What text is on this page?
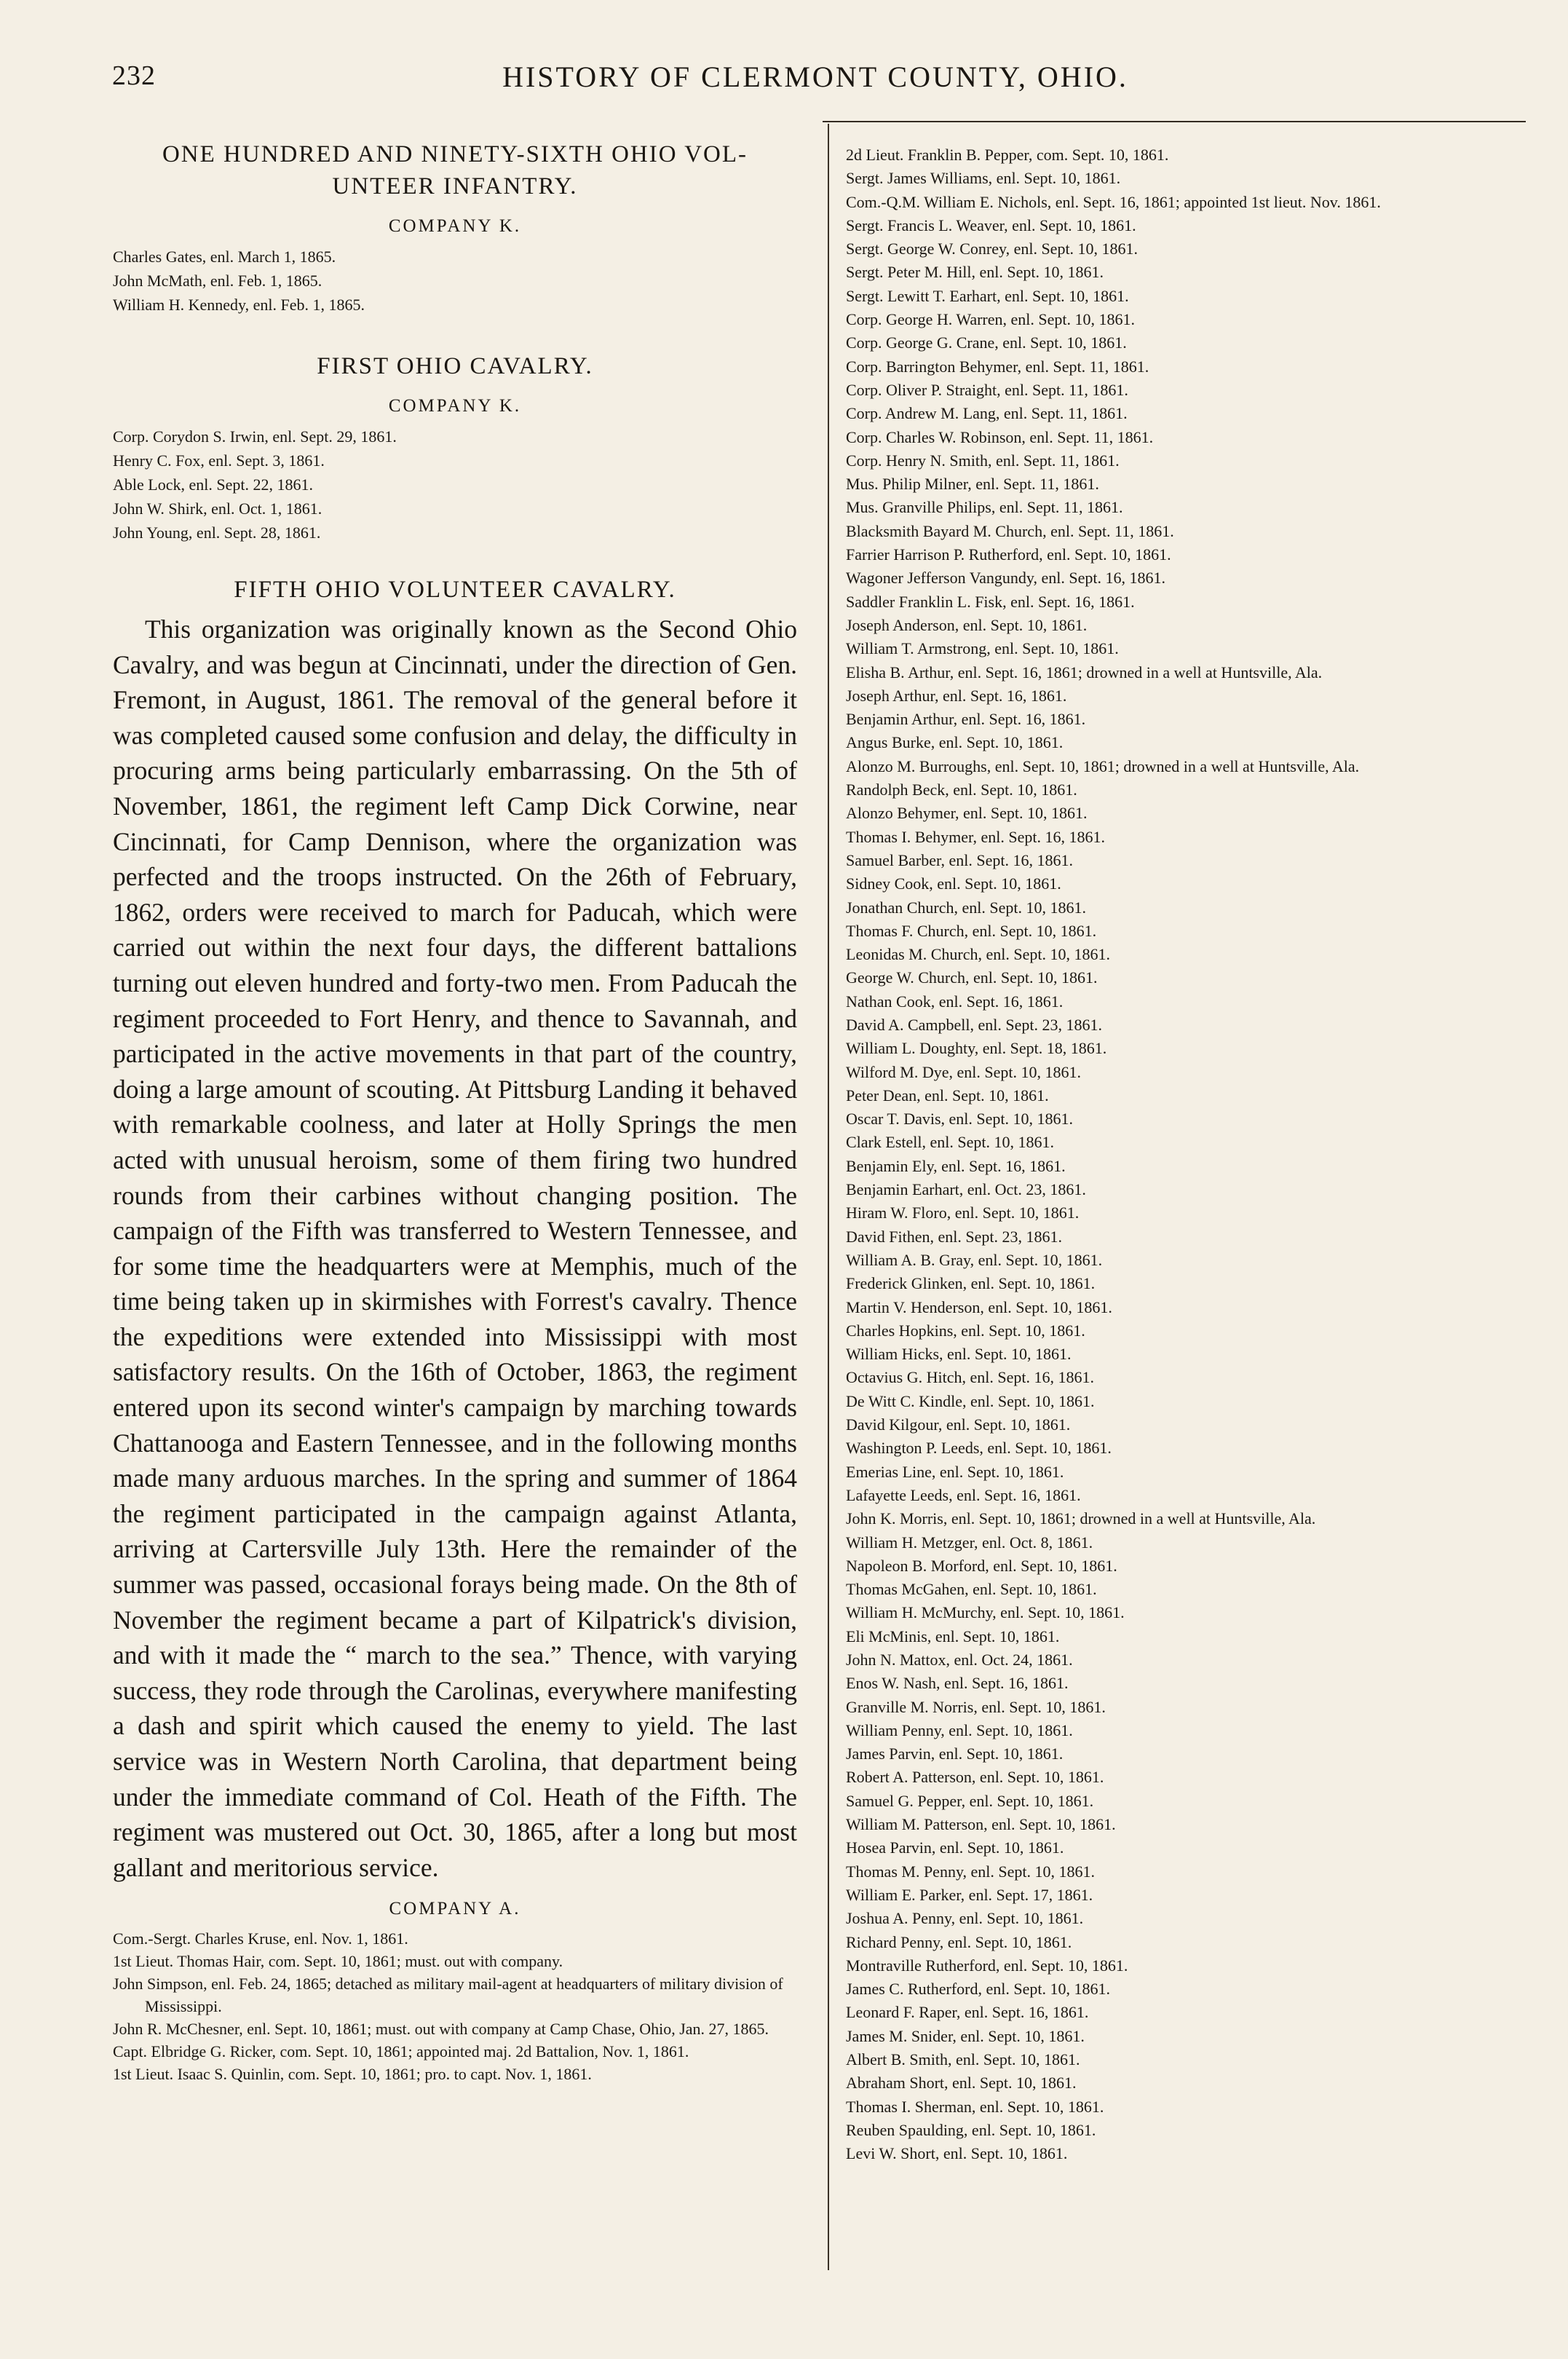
232	HISTORY OF CLERMONT COUNTY, OHIO.
ONE HUNDRED AND NINETY-SIXTH OHIO VOL-
UNTEER INFANTRY.
COMPANY K.
Charles Gates, enl. March 1, 1865.
John McMath, enl. Feb. 1, 1865.
William H. Kennedy, enl. Feb. 1, 1865.
FIRST OHIO CAVALRY.
COMPANY K.
Corp. Corydon S. Irwin, enl. Sept. 29, 1861.
Henry C. Fox, enl. Sept. 3, 1861.
Able Lock, enl. Sept. 22, 1861.
John W. Shirk, enl. Oct. 1, 1861.
John Young, enl. Sept. 28, 1861.
FIFTH OHIO VOLUNTEER CAVALRY.

This organization was originally known as the Second Ohio Cavalry, and was begun at Cincinnati, under the direction of Gen. Fremont, in August, 1861. The removal of the general before it was completed caused some confusion and delay, the difficulty in procuring arms being particularly embarrassing. On the 5th of November, 1861, the regiment left Camp Dick Corwine, near Cincinnati, for Camp Dennison, where the organization was perfected and the troops instructed. On the 26th of February, 1862, orders were received to march for Paducah, which were carried out within the next four days, the different battalions turning out eleven hundred and forty-two men. From Paducah the regiment proceeded to Fort Henry, and thence to Savannah, and participated in the active movements in that part of the country, doing a large amount of scouting. At Pittsburg Landing it behaved with remarkable coolness, and later at Holly Springs the men acted with unusual heroism, some of them firing two hundred rounds from their carbines without changing position. The campaign of the Fifth was transferred to Western Tennessee, and for some time the headquarters were at Memphis, much of the time being taken up in skirmishes with Forrest's cavalry. Thence the expeditions were extended into Mississippi with most satisfactory results. On the 16th of October, 1863, the regiment entered upon its second winter's campaign by marching towards Chattanooga and Eastern Tennessee, and in the following months made many arduous marches. In the spring and summer of 1864 the regiment participated in the campaign against Atlanta, arriving at Cartersville July 13th. Here the remainder of the summer was passed, occasional forays being made. On the 8th of November the regiment became a part of Kilpatrick's division, and with it made the “ march to the sea.” Thence, with varying success, they rode through the Carolinas, everywhere manifesting a dash and spirit which caused the enemy to yield. The last service was in Western North Carolina, that department being under the immediate command of Col. Heath of the Fifth. The regiment was mustered out Oct. 30, 1865, after a long but most gallant and meritorious service.

COMPANY A.
Com.-Sergt. Charles Kruse, enl. Nov. 1, 1861.
1st Lieut. Thomas Hair, com. Sept. 10, 1861; must. out with company.
John Simpson, enl. Feb. 24, 1865; detached as military mail-agent at headquarters of military division of Mississippi.
John R. McChesner, enl. Sept. 10, 1861; must. out with company at Camp Chase, Ohio, Jan. 27, 1865.
Capt. Elbridge G. Ricker, com. Sept. 10, 1861; appointed maj. 2d Battalion, Nov. 1, 1861.
1st Lieut. Isaac S. Quinlin, com. Sept. 10, 1861; pro. to capt. Nov. 1, 1861.
2d Lieut. Franklin B. Pepper, com. Sept. 10, 1861.
Sergt. James Williams, enl. Sept. 10, 1861.
Com.-Q.M. William E. Nichols, enl. Sept. 16, 1861; appointed 1st lieut. Nov. 1861.
Sergt. Francis L. Weaver, enl. Sept. 10, 1861.
Sergt. George W. Conrey, enl. Sept. 10, 1861.
Sergt. Peter M. Hill, enl. Sept. 10, 1861.
Sergt. Lewitt T. Earhart, enl. Sept. 10, 1861.
Corp. George H. Warren, enl. Sept. 10, 1861.
Corp. George G. Crane, enl. Sept. 10, 1861.
Corp. Barrington Behymer, enl. Sept. 11, 1861.
Corp. Oliver P. Straight, enl. Sept. 11, 1861.
Corp. Andrew M. Lang, enl. Sept. 11, 1861.
Corp. Charles W. Robinson, enl. Sept. 11, 1861.
Corp. Henry N. Smith, enl. Sept. 11, 1861.
Mus. Philip Milner, enl. Sept. 11, 1861.
Mus. Granville Philips, enl. Sept. 11, 1861.
Blacksmith Bayard M. Church, enl. Sept. 11, 1861.
Farrier Harrison P. Rutherford, enl. Sept. 10, 1861.
Wagoner Jefferson Vangundy, enl. Sept. 16, 1861.
Saddler Franklin L. Fisk, enl. Sept. 16, 1861.
Joseph Anderson, enl. Sept. 10, 1861.
William T. Armstrong, enl. Sept. 10, 1861.
Elisha B. Arthur, enl. Sept. 16, 1861; drowned in a well at Huntsville, Ala.
Joseph Arthur, enl. Sept. 16, 1861.
Benjamin Arthur, enl. Sept. 16, 1861.
Angus Burke, enl. Sept. 10, 1861.
Alonzo M. Burroughs, enl. Sept. 10, 1861; drowned in a well at Huntsville, Ala.
Randolph Beck, enl. Sept. 10, 1861.
Alonzo Behymer, enl. Sept. 10, 1861.
Thomas I. Behymer, enl. Sept. 16, 1861.
Samuel Barber, enl. Sept. 16, 1861.
Sidney Cook, enl. Sept. 10, 1861.
Jonathan Church, enl. Sept. 10, 1861.
Thomas F. Church, enl. Sept. 10, 1861.
Leonidas M. Church, enl. Sept. 10, 1861.
George W. Church, enl. Sept. 10, 1861.
Nathan Cook, enl. Sept. 16, 1861.
David A. Campbell, enl. Sept. 23, 1861.
William L. Doughty, enl. Sept. 18, 1861.
Wilford M. Dye, enl. Sept. 10, 1861.
Peter Dean, enl. Sept. 10, 1861.
Oscar T. Davis, enl. Sept. 10, 1861.
Clark Estell, enl. Sept. 10, 1861.
Benjamin Ely, enl. Sept. 16, 1861.
Benjamin Earhart, enl. Oct. 23, 1861.
Hiram W. Floro, enl. Sept. 10, 1861.
David Fithen, enl. Sept. 23, 1861.
William A. B. Gray, enl. Sept. 10, 1861.
Frederick Glinken, enl. Sept. 10, 1861.
Martin V. Henderson, enl. Sept. 10, 1861.
Charles Hopkins, enl. Sept. 10, 1861.
William Hicks, enl. Sept. 10, 1861.
Octavius G. Hitch, enl. Sept. 16, 1861.
De Witt C. Kindle, enl. Sept. 10, 1861.
David Kilgour, enl. Sept. 10, 1861.
Washington P. Leeds, enl. Sept. 10, 1861.
Emerias Line, enl. Sept. 10, 1861.
Lafayette Leeds, enl. Sept. 16, 1861.
John K. Morris, enl. Sept. 10, 1861; drowned in a well at Huntsville, Ala.
William H. Metzger, enl. Oct. 8, 1861.
Napoleon B. Morford, enl. Sept. 10, 1861.
Thomas McGahen, enl. Sept. 10, 1861.
William H. McMurchy, enl. Sept. 10, 1861.
Eli McMinis, enl. Sept. 10, 1861.
John N. Mattox, enl. Oct. 24, 1861.
Enos W. Nash, enl. Sept. 16, 1861.
Granville M. Norris, enl. Sept. 10, 1861.
William Penny, enl. Sept. 10, 1861.
James Parvin, enl. Sept. 10, 1861.
Robert A. Patterson, enl. Sept. 10, 1861.
Samuel G. Pepper, enl. Sept. 10, 1861.
William M. Patterson, enl. Sept. 10, 1861.
Hosea Parvin, enl. Sept. 10, 1861.
Thomas M. Penny, enl. Sept. 10, 1861.
William E. Parker, enl. Sept. 17, 1861.
Joshua A. Penny, enl. Sept. 10, 1861.
Richard Penny, enl. Sept. 10, 1861.
Montraville Rutherford, enl. Sept. 10, 1861.
James C. Rutherford, enl. Sept. 10, 1861.
Leonard F. Raper, enl. Sept. 16, 1861.
James M. Snider, enl. Sept. 10, 1861.
Albert B. Smith, enl. Sept. 10, 1861.
Abraham Short, enl. Sept. 10, 1861.
Thomas I. Sherman, enl. Sept. 10, 1861.
Reuben Spaulding, enl. Sept. 10, 1861.
Levi W. Short, enl. Sept. 10, 1861.
